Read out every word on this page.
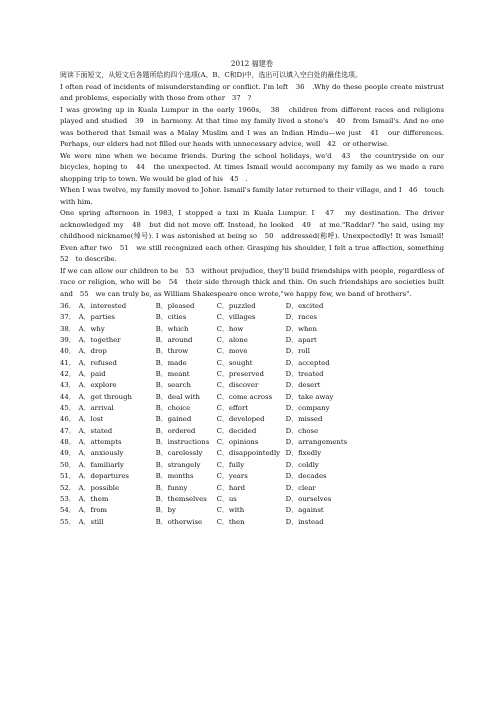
2012 福建卷

阅读下面短文，从短文后各题所给的四个选项(A、B、C和D)中，选出可以填入空白处的最佳选项。

I often read of incidents of misunderstanding or conflict. I'm left　36　.Why do these people create mistrust and problems, especially with those from other　37　?

I was growing up in Kuala Lumpur in the early 1960s,　38　children from different races and religions played and studied　39　in harmony. At that time my family lived a stone's　40　from Ismail's. And no one was bothered that Ismail was a Malay Muslim and I was an Indian Hindu—we just　41　our differences. Perhaps, our elders had not filled our heads with unnecessary advice, well　42　or otherwise.

We were nine when we became friends. During the school holidays, we'd　43　the countryside on our bicycles, hoping to　44　the unexpected. At times Ismail would accompany my family as we made a rare shopping trip to town. We would be glad of his　45　.

When I was twelve, my family moved to Johor. Ismail's family later returned to their village, and I　46　touch with him.

One spring afternoon in 1983, I stopped a taxi in Kuala Lumpur. I　47　my destination. The driver acknowledged my　48　but did not move off. Instead, he looked　49　at me."Raddar? "he said, using my childhood nickname(绰号). I was astonished at being so　50　addressed(称呼). Unexpectedly! It was Ismail! Even after two　51　we still recognized each other. Grasping his shoulder, I felt a true affection, something　52　to describe.

If we can allow our children to be　53　without prejudice, they'll build friendships with people, regardless of race or religion, who will be　54　their side through thick and thin. On such friendships are societies built and　55　we can truly be, as William Shakespeare once wrote,"we happy few, we band of brothers".

36． A．interested	B．pleased	C．puzzled	D．excited
37． A．parties	B．cities	C．villages	D．races
38． A．why	B．which	C．how	D．when
39． A．together	B．around	C．alone	D．apart
40． A．drop	B．throw	C．move	D．roll
41． A．refused	B．made	C．sought	D．accepted
42． A．paid	B．meant	C．preserved	D．treated
43． A．explore	B．search	C．discover	D．desert
44． A．get through	B．deal with	C．come across	D．take away
45． A．arrival	B．choice	C．effort	D．company
46． A．lost	B．gained	C．developed	D．missed
47． A．stated	B．ordered	C．decided	D．chose
48． A．attempts	B．instructions	C．opinions	D．arrangements
49． A．anxiously	B．carelessly	C．disappointedly D．fixedly
50． A．familiarly	B．strangely	C．fully	D．coldly
51． A．departures	B．months	C．years	D．decades
52． A．possible	B．funny	C．hard	D．clear
53． A．them	B．themselves	C．us	D．ourselves
54． A．from	B．by	C．with	D．against
55． A．still	B．otherwise	C．then	D．instead
